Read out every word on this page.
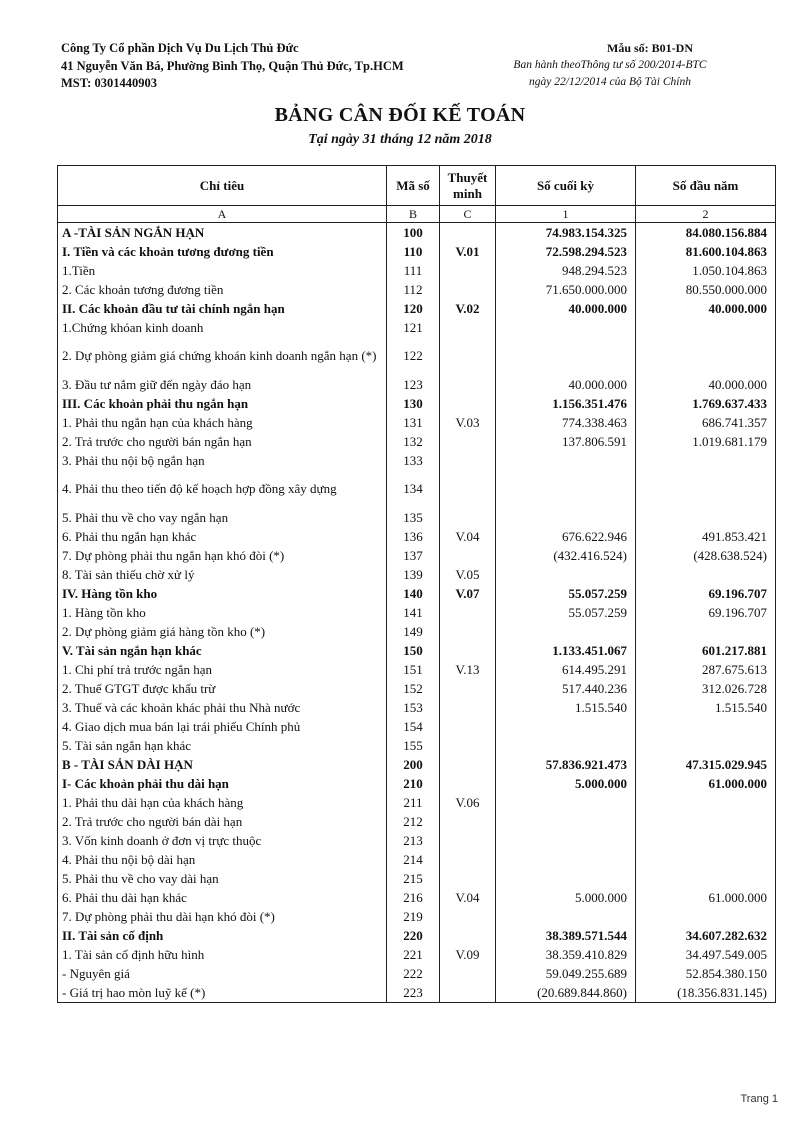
Công Ty Cổ phần Dịch Vụ Du Lịch Thủ Đức
41 Nguyễn Văn Bá, Phường Bình Thọ, Quận Thủ Đức, Tp.HCM
MST: 0301440903
Mẫu số: B01-DN
Ban hành theoThông tư số 200/2014-BTC
ngày 22/12/2014 của Bộ Tài Chính
BẢNG CÂN ĐỐI KẾ TOÁN
Tại ngày 31 tháng 12 năm 2018
Chỉ tiêu	Mã số	Thuyết minh	Số cuối kỳ	Số đầu năm
A	B	C	1	2
A -TÀI SẢN NGẮN HẠN	100		74.983.154.325	84.080.156.884
I. Tiền và các khoản tương đương tiền	110	V.01	72.598.294.523	81.600.104.863
1.Tiền	111		948.294.523	1.050.104.863
2. Các khoản tương đương tiền	112		71.650.000.000	80.550.000.000
II. Các khoản đầu tư tài chính ngắn hạn	120	V.02	40.000.000	40.000.000
1.Chứng khóan kinh doanh	121			
2. Dự phòng giảm giá chứng khoán kinh doanh ngắn hạn (*)	122			
3. Đầu tư nắm giữ đến ngày đáo hạn	123		40.000.000	40.000.000
III. Các khoản phải thu ngắn hạn	130		1.156.351.476	1.769.637.433
1. Phải thu ngắn hạn của khách hàng	131	V.03	774.338.463	686.741.357
2. Trả trước cho người bán ngắn hạn	132		137.806.591	1.019.681.179
3. Phải thu nội bộ ngắn hạn	133			
4. Phải thu theo tiến độ kế hoạch hợp đồng xây dựng	134			
5. Phải thu về cho vay ngắn hạn	135			
6. Phải thu ngắn hạn khác	136	V.04	676.622.946	491.853.421
7. Dự phòng phải thu ngắn hạn khó đòi (*)	137		(432.416.524)	(428.638.524)
8. Tài sản thiếu chờ xử lý	139	V.05		
IV. Hàng tồn kho	140	V.07	55.057.259	69.196.707
1. Hàng tồn kho	141		55.057.259	69.196.707
2. Dự phòng giảm giá hàng tồn kho (*)	149			
V. Tài sản ngắn hạn khác	150		1.133.451.067	601.217.881
1. Chi phí trả trước ngắn hạn	151	V.13	614.495.291	287.675.613
2. Thuế GTGT được khấu trừ	152		517.440.236	312.026.728
3. Thuế và các khoản khác phải thu Nhà nước	153		1.515.540	1.515.540
4. Giao dịch mua bán lại trái phiếu Chính phủ	154			
5. Tài sản ngắn hạn khác	155			
B - TÀI SẢN DÀI HẠN	200		57.836.921.473	47.315.029.945
I- Các khoản phải thu dài hạn	210		5.000.000	61.000.000
1. Phải thu dài hạn của khách hàng	211	V.06		
2. Trả trước cho người bán dài hạn	212			
3. Vốn kinh doanh ở đơn vị trực thuộc	213			
4. Phải thu nội bộ dài hạn	214			
5. Phải thu về cho vay dài hạn	215			
6. Phải thu dài hạn khác	216	V.04	5.000.000	61.000.000
7. Dự phòng phải thu dài hạn khó đòi (*)	219			
II. Tài sản cố định	220		38.389.571.544	34.607.282.632
1. Tài sản cố định hữu hình	221	V.09	38.359.410.829	34.497.549.005
- Nguyên giá	222		59.049.255.689	52.854.380.150
- Giá trị hao mòn luỹ kế (*)	223		(20.689.844.860)	(18.356.831.145)
Trang 1
